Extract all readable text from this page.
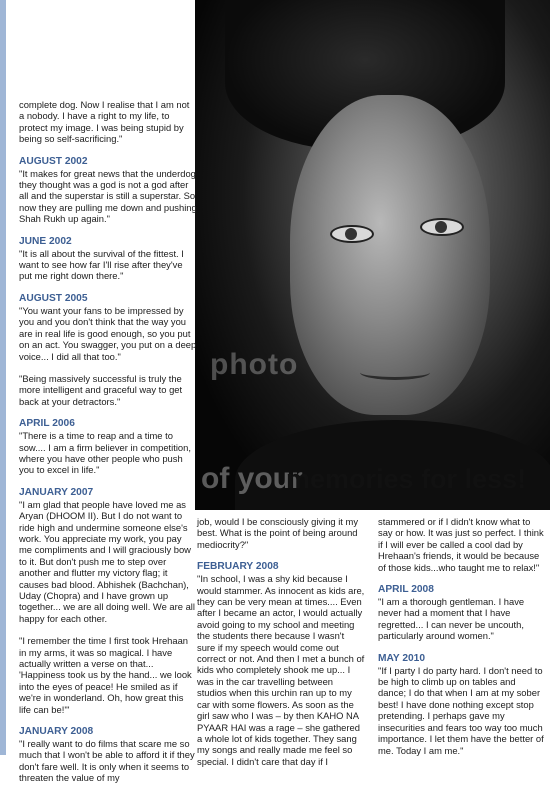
photo
of your
memories for less!

complete dog. Now I realise that I am not a nobody. I have a right to my life, to protect my image. I was being stupid by being so self-sacrificing."

AUGUST 2002

"It makes for great news that the underdog they thought was a god is not a god after all and the superstar is still a superstar. So now they are pulling me down and pushing Shah Rukh up again."

JUNE 2002

"It is all about the survival of the fittest. I want to see how far I'll rise after they've put me right down there."

AUGUST 2005

"You want your fans to be impressed by you and you don't think that the way you are in real life is good enough, so you put on an act. You swagger, you put on a deep voice... I did all that too."

"Being massively successful is truly the more intelligent and graceful way to get back at your detractors."

APRIL 2006

"There is a time to reap and a time to sow.... I am a firm believer in competition, where you have other people who push you to excel in life."

JANUARY 2007

"I am glad that people have loved me as Aryan (DHOOM II). But I do not want to ride high and undermine someone else's work. You appreciate my work, you pay me compliments and I will graciously bow to it. But don't push me to step over another and flutter my victory flag; it causes bad blood. Abhishek (Bachchan), Uday (Chopra) and I have grown up together... we are all doing well. We are all happy for each other.

"I remember the time I first took Hrehaan in my arms, it was so magical. I have actually written a verse on that... 'Happiness took us by the hand... we look into the eyes of peace! He smiled as if we're in wonderland. Oh, how great this life can be!'"

JANUARY 2008

"I really want to do films that scare me so much that I won't be able to afford it if they don't fare well. It is only when it seems to threaten the value of my

job, would I be consciously giving it my best. What is the point of being around mediocrity?"

FEBRUARY 2008

"In school, I was a shy kid because I would stammer. As innocent as kids are, they can be very mean at times.... Even after I became an actor, I would actually avoid going to my school and meeting the students there because I wasn't sure if my speech would come out correct or not. And then I met a bunch of kids who completely shook me up... I was in the car travelling between studios when this urchin ran up to my car with some flowers. As soon as the girl saw who I was – by then KAHO NA PYAAR HAI was a rage – she gathered a whole lot of kids together. They sang my songs and really made me feel so special. I didn't care that day if I

stammered or if I didn't know what to say or how. It was just so perfect. I think if I will ever be called a cool dad by Hrehaan's friends, it would be because of those kids...who taught me to relax!"

APRIL 2008

"I am a thorough gentleman. I have never had a moment that I have regretted... I can never be uncouth, particularly around women."

MAY 2010

"If I party I do party hard. I don't need to be high to climb up on tables and dance; I do that when I am at my sober best! I have done nothing except stop pretending. I perhaps gave my insecurities and fears too way too much importance. I let them have the better of me. Today I am me."
